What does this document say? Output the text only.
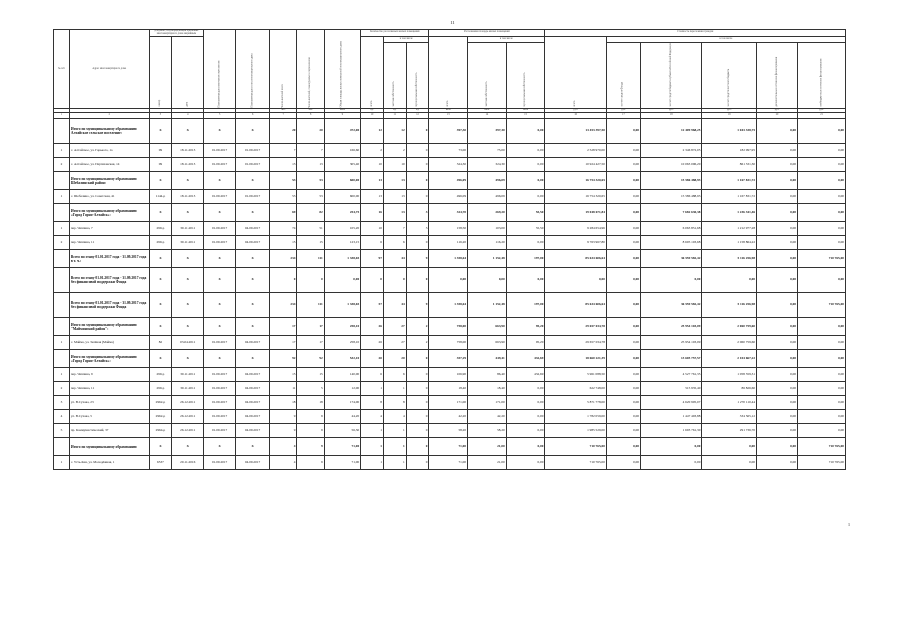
11
№ п/п	Адрес многоквартирного дома	Документ, подтверждающий признание многоквартирного дома аварийным		Планируемая дата окончания переселения	Планируемая дата сноса многоквартирного дома	Число жителей всего	Число жителей, планируемых к переселению	Общая площадь жилых помещений многоквартирного дома	Количество расселяемых жилых помещений			Расселяемая площадь жилых помещений			Стоимость переселения граждан					
		номер	дата						всего	в том числе		всего	в том числе		всего	в том числе				
										частная собственность	муниципальная собственность		частная собственность	муниципальная собственность		за счет средств Фонда	за счет средств бюджета субъекта Российской Федерации	за счет средств местного бюджета	дополнительные источники финансирования	внебюджетные источники финансирования
						чел.	чел.	кв.м	ед.	ед.	ед.	кв.м	кв.м	кв.м	руб.	руб.	руб.	руб.	руб.	руб.
1	2	3	4	5	6	7	8	9	10	11	12	13	14	15	16	17	18	19	20	21
	Итого по муниципальному образованию Алтайское сельское поселение:	X	X	X	X	20	20	472,00	12	12	0	397,30	397,30	0,00	13 453 397,50	0,00	12 409 968,25	1 043 338,75	0,00	0,00
1	с. Алтайское, ул. Горького, 1а	09	18.11.2013	01.09.2017	01.09.2017	7	7	166,60	2	2	0	73,00	73,00	0,00	2 528 970,00	0,00	2 346 872,05	182 097,95	0,00	0,00
2	с. Алтайское, ул. Партизанская, 14	09	18.11.2013	01.09.2017	01.09.2017	13	13	305,40	10	10	0	324,30	324,30	0,00	10 924 427,50	0,00	10 063 096,20	861 331,30	0,00	0,00
	Итого по муниципальному образованию Шебалинский район:	X	X	X	X	53	53	600,00	13	13	0	496,09	496,09	0,00	16 754 320,65	0,00	15 586 488,93	1 167 831,72	0,00	0,00
1	с. Шебалино, ул. Советская, 41	1144-р	18.11.2013	01.09.2017	01.09.2017	53	53	600,00	13	13	0	496,09	496,09	0,00	16 754 320,65	0,00	15 586 488,93	1 167 831,72	0,00	0,00
	Итого по муниципальному образованию «Город Горно-Алтайск»:	X	X	X	X	69	82	254,75	16	13	3	324,70	269,20	55,50	19 048 671,84	0,00	7 682 630,38	1 236 341,46	0,00	0,00
1	пер. Чаплина, 7	299-р	30.11.2011	01.09.2017	04.09.2017	74	51	105,20	10	7	3	158,50	103,00	55,50	9 284 654,96	0,00	6 063 851,68	1 212 977,28	0,00	0,00
2	пер. Чаплина, 11	299-р	30.11.2011	01.09.2017	04.09.2017	15	15	123,15	6	6	0	116,20	116,20	0,00	9 763 967,80	0,00	8 605 103,68	1 158 864,22	0,00	0,00
	Всего по этапу 01.01.2017 года - 31.09.2017 года в т. ч.:	X	X	X	X	234	111	1 338,65	97	44	9	1 358,64	1 152,48	197,00	85 634 606,64	0,00	36 559 582,42	5 116 256,98	0,00	710 765,00
	Всего по этапу 01.01.2017 года - 31.09.2017 года без финансовой поддержки Фонда	X	X	X	X	0	0	0,00	0	0	0	0,00	0,00	0,00	0,00	0,00	0,00	0,00	0,00	0,00
	Всего по этапу 01.01.2017 года - 31.09.2017 года без финансовой поддержки Фонда	X	X	X	X	234	111	1 338,65	57	44	9	1 358,64	1 152,48	197,00	85 634 606,64	0,00	36 559 582,42	5 116 256,98	0,00	710 765,00
	Итого по муниципальному образованию "Майминский район":	X	X	X	X	17	17	258,10	26	27	2	758,00	663,90	95,20	29 657 034,78	0,00	25 954 103,09	2 060 759,60	0,00	0,00
1	с. Майма, ул. Зелёная (Майма)	82	03.04.2011	01.09.2017	04.09.2017	17	17	258,10	26	27	2	758,00	663,90	95,20	29 657 034,78	0,00	25 954 103,09	2 060 759,60	0,00	0,00
	Итого по муниципальному образованию «Город Горно-Алтайск»:	X	X	X	X	92	92	532,10	20	20	0	357,29	449,41	432,69	18 660 221,39	0,00	13 605 757,57	2 104 667,22	0,00	0,00
1	пер. Чаплина, 9	299-р	30.11.2011	01.09.2017	04.09.2017	15	15	140,00	6	6	0	106,90	86,40	432,69	5 961 088,50	0,00	4 527 761,35	1 058 359,31	0,00	0,00
2	пер. Чаплина, 11	299-р	30.11.2011	01.09.2017	04.09.2017	11	5	12,00	1	1	0	18,40	18,40	0,00	622 748,00	0,00	515 935,40	86 826,60	0,00	0,00
3	ул. В.Сухова, 23	2962-р	26.12.2011	01.09.2017	04.09.2017	18	18	174,00	8	8	0	171,00	171,00	0,00	5 871 778,00	0,00	4 620 905,07	1 270 110,44	0,00	0,00
4	ул. В.Сухова, 5	2962-р	26.12.2011	01.09.2017	04.09.2017	9	9	44,20	4	4	0	42,20	42,20	0,00	1 782 059,00	0,00	1 447 493,88	334 565,12	0,00	0,00
5	пр. Коммунистический, 37	2964-р	26.12.2011	01.09.2017	04.09.2017	9	9	56,30	1	1	0	58,20	58,20	0,00	1 985 529,00	0,00	1 693 761,30	291 736,70	0,00	0,00
	Итого по муниципальному образованию	X	X	X	X	4	9	71,00	1	1	0	71,00	21,00	0,00	710 765,00	0,00	0,00	0,00	0,00	710 765,00
1	с. Усть-Кан, ул. Молодёжная, 1	6537	20.11.2016	01.09.2017	04.09.2017	4	9	71,00	1	1	0	71,00	21,00	0,00	710 765,00	0,00	0,00	0,00	0,00	710 765,00
1
